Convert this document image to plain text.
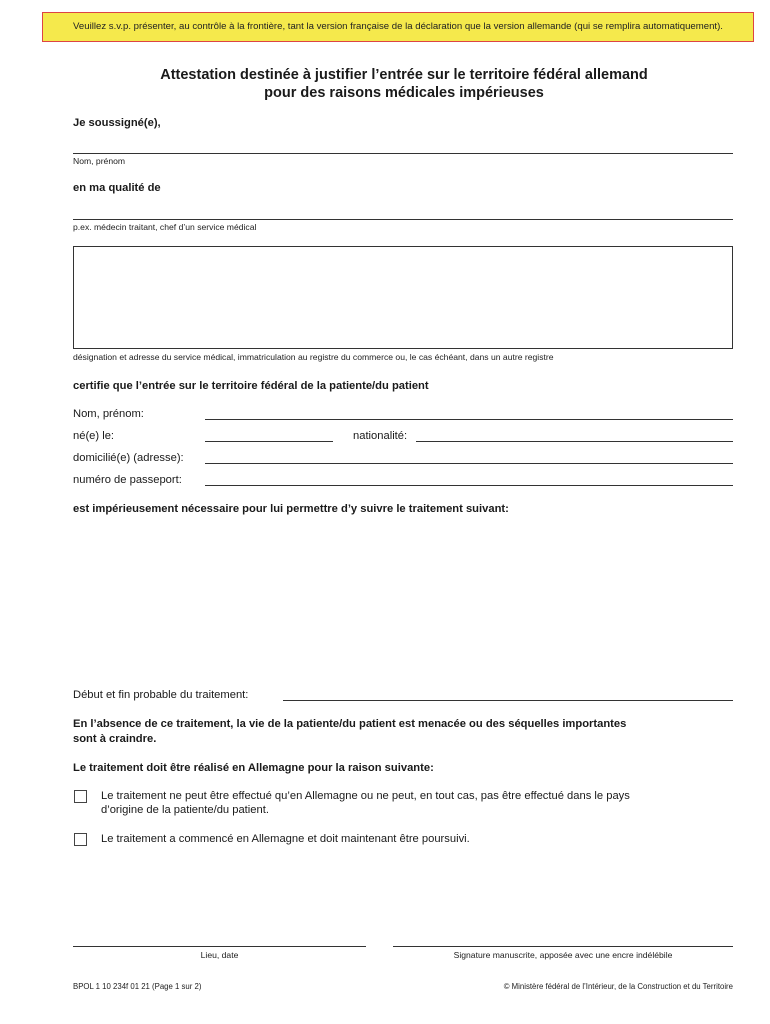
Veuillez s.v.p. présenter, au contrôle à la frontière, tant la version française de la déclaration que la version allemande (qui se remplira automatiquement).
Attestation destinée à justifier l’entrée sur le territoire fédéral allemand
pour des raisons médicales impérieuses
Je soussigné(e),
Nom, prénom
en ma qualité de
p.ex. médecin traitant, chef d’un service médical
désignation et adresse du service médical, immatriculation au registre du commerce ou, le cas échéant, dans un autre registre
certifie que l’entrée sur le territoire fédéral de la patiente/du patient
Nom, prénom:
né(e) le:	nationalité:
domicilié(e) (adresse):
numéro de passeport:
est impérieusement nécessaire pour lui permettre d’y suivre le traitement suivant:
Début et fin probable du traitement:
En l’absence de ce traitement, la vie de la patiente/du patient est menacée ou des séquelles importantes
sont à craindre.
Le traitement doit être réalisé en Allemagne pour la raison suivante:
Le traitement ne peut être effectué qu’en Allemagne ou ne peut, en tout cas, pas être effectué dans le pays
d’origine de la patiente/du patient.
Le traitement a commencé en Allemagne et doit maintenant être poursuivi.
Lieu, date	Signature manuscrite, apposée avec une encre indélébile
BPOL 1 10 234f 01 21 (Page 1 sur 2)	© Ministère fédéral de l’Intérieur, de la Construction et du Territoire
